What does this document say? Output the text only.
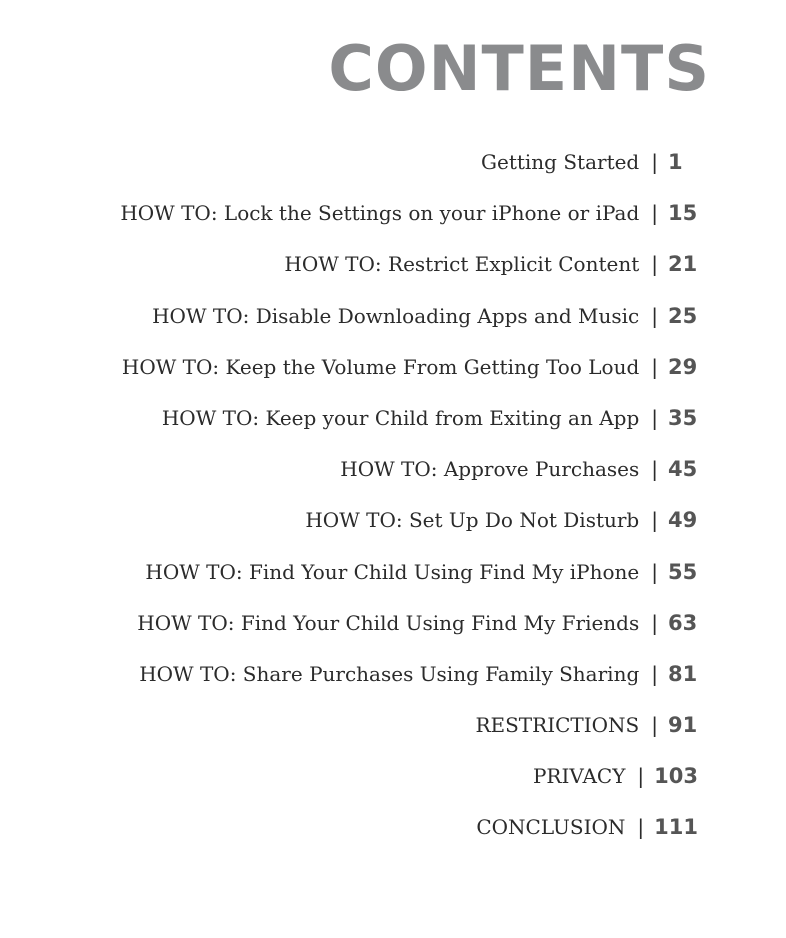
CONTENTS
Getting Started | 1
HOW TO: Lock the Settings on your iPhone or iPad | 15
HOW TO: Restrict Explicit Content | 21
HOW TO: Disable Downloading Apps and Music | 25
HOW TO: Keep the Volume From Getting Too Loud | 29
HOW TO: Keep your Child from Exiting an App | 35
HOW TO: Approve Purchases | 45
HOW TO: Set Up Do Not Disturb | 49
HOW TO: Find Your Child Using Find My iPhone | 55
HOW TO: Find Your Child Using Find My Friends | 63
HOW TO: Share Purchases Using Family Sharing | 81
RESTRICTIONS | 91
PRIVACY | 103
CONCLUSION | 111
